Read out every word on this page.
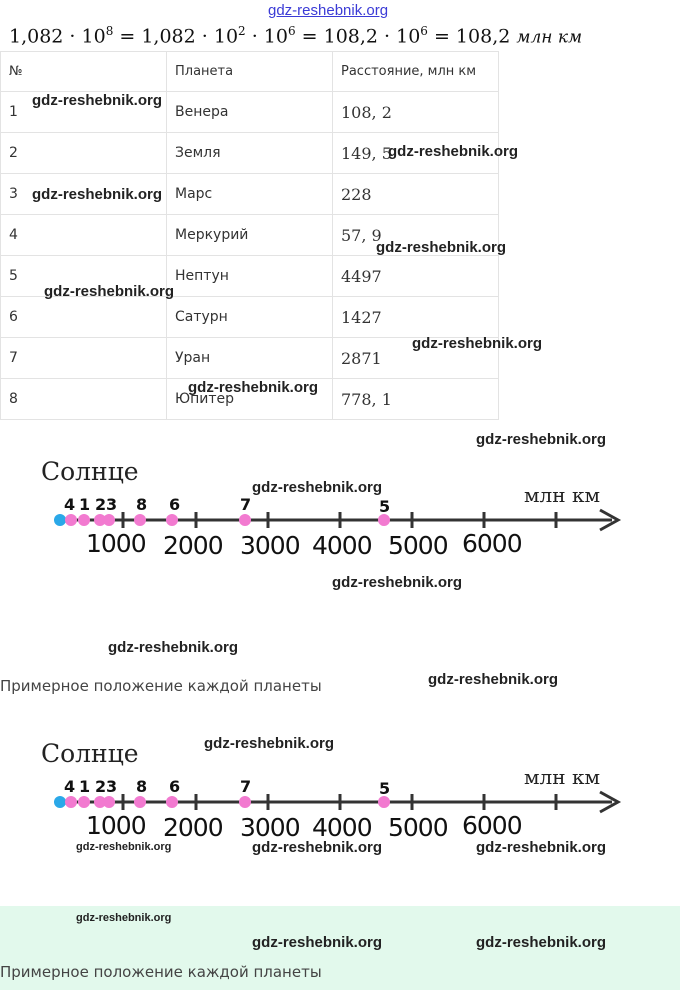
gdz-reshebnik.org
$1,082 \cdot 10^8 = 1,082 \cdot 10^2 \cdot 10^6 = 108,2 \cdot 10^6 = 108,2$ млн км
№	Планета	Расстояние, млн км
1	Венера	108, 2
2	Земля	149, 5
3	Марс	228
4	Меркурий	57, 9
5	Нептун	4497
6	Сатурн	1427
7	Уран	2871
8	Юпитер	778, 1
Солнце
млн км
4 1 2 3 8 6	7	5
1000 2000 3000 4000 5000 6000
Примерное положение каждой планеты
Солнце
млн км
4 1 2 3 8 6	7	5
1000 2000 3000 4000 5000 6000
Примерное положение каждой планеты
gdz-reshebnik.org
gdz-reshebnik.org
gdz-reshebnik.org
gdz-reshebnik.org
gdz-reshebnik.org
gdz-reshebnik.org
gdz-reshebnik.org
gdz-reshebnik.org
gdz-reshebnik.org
gdz-reshebnik.org
gdz-reshebnik.org
gdz-reshebnik.org
gdz-reshebnik.org
gdz-reshebnik.org	gdz-reshebnik.org	gdz-reshebnik.org
gdz-reshebnik.org
gdz-reshebnik.org	gdz-reshebnik.org
